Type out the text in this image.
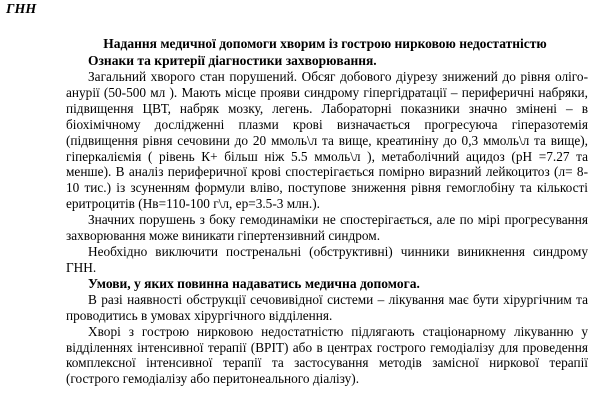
ГНН

Надання медичної допомоги хворим із гострою нирковою недостатністю
Ознаки та критерії діагностики захворювання.

Загальний хворого стан порушений. Обсяг добового діурезу знижений до рівня оліго-анурії (50-500 мл ). Мають місце прояви синдрому гіпергідратації – периферичні набряки, підвищення ЦВТ, набряк мозку, легень. Лабораторні показники значно змінені – в біохімічному дослідженні плазми крові визначається прогресуюча гіперазотемія (підвищення рівня сечовини до 20 ммоль\л та вище, креатиніну до 0,3 ммоль\л та вище), гіперкаліємія ( рівень К+ більш ніж 5.5 ммоль\л ), метаболічний ацидоз (рН =7.27 та менше). В аналіз периферичної крові спостерігається помірно виразний лейкоцитоз (л= 8-10 тис.) із зсуненням формули вліво, поступове зниження рівня гемоглобіну та кількості еритроцитів (Нв=110-100 г\л, ер=3.5-3 млн.).

Значних порушень з боку гемодинаміки не спостерігається, але по мірі прогресування захворювання може виникати гіпертензивний синдром.

Необхідно виключити постренальні (обструктивні) чинники виникнення синдрому ГНН.

Умови, у яких повинна надаватись медична допомога.

В разі наявності обструкції сечовивідної системи – лікування має бути хірургічним та проводитись в умовах хірургічного відділення.

Хворі з гострою нирковою недостатністю підлягають стаціонарному лікуванню у відділеннях інтенсивної терапії (ВРІТ) або в центрах гострого гемодіалізу для проведення комплексної інтенсивної терапії та застосування методів замісної ниркової терапії (гострого гемодіалізу або перитонеального діалізу).
